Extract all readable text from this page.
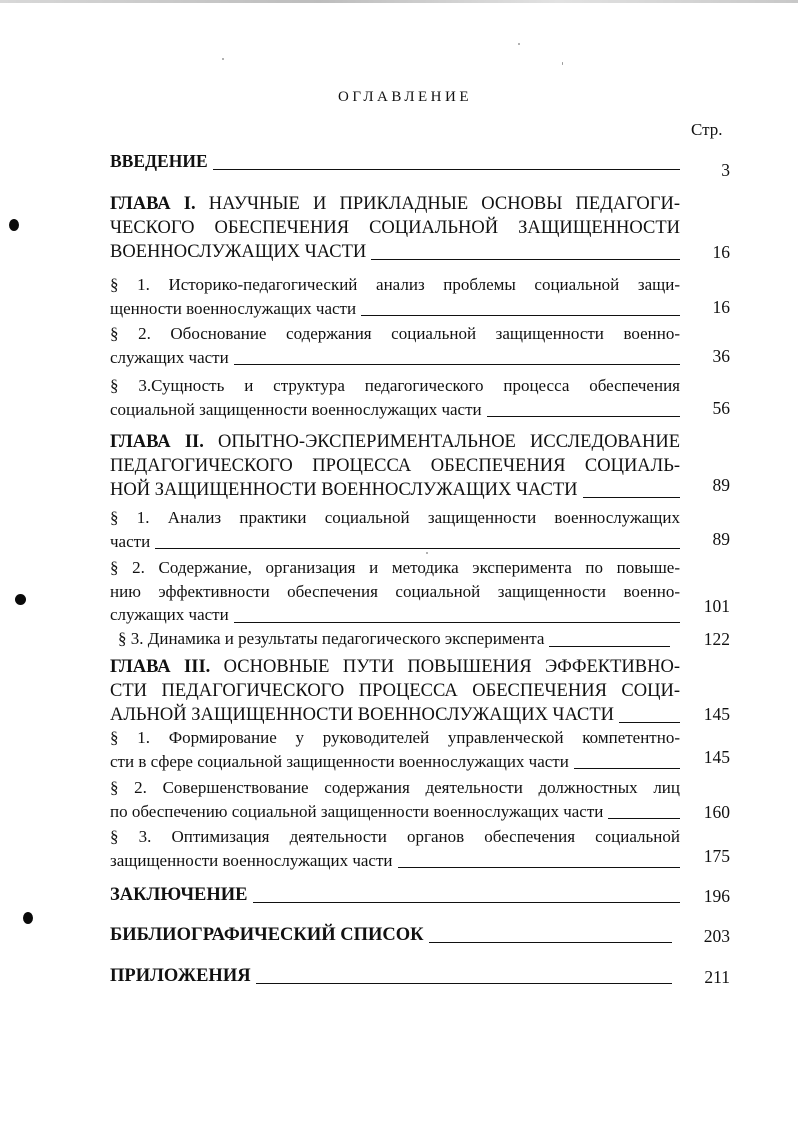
ОГЛАВЛЕНИЕ
Стр.
ВВЕДЕНИЕ	3
ГЛАВА I. НАУЧНЫЕ И ПРИКЛАДНЫЕ ОСНОВЫ ПЕДАГОГИ-
ЧЕСКОГО ОБЕСПЕЧЕНИЯ СОЦИАЛЬНОЙ ЗАЩИЩЕННОСТИ
ВОЕННОСЛУЖАЩИХ ЧАСТИ	16
§ 1. Историко-педагогический анализ проблемы социальной защи-
щенности военнослужащих части	16
§ 2. Обоснование содержания социальной защищенности военно-
служащих части	36
§ 3.Сущность и структура педагогического процесса обеспечения
социальной защищенности военнослужащих части	56
ГЛАВА II. ОПЫТНО-ЭКСПЕРИМЕНТАЛЬНОЕ ИССЛЕДОВАНИЕ
ПЕДАГОГИЧЕСКОГО ПРОЦЕССА ОБЕСПЕЧЕНИЯ СОЦИАЛЬ-
НОЙ ЗАЩИЩЕННОСТИ ВОЕННОСЛУЖАЩИХ ЧАСТИ	89
§ 1. Анализ практики социальной защищенности военнослужащих
части	89
§ 2. Содержание, организация и методика эксперимента по повыше-
нию эффективности обеспечения социальной защищенности военно-
служащих части	101
§ 3. Динамика и результаты педагогического эксперимента	122
ГЛАВА III. ОСНОВНЫЕ ПУТИ ПОВЫШЕНИЯ ЭФФЕКТИВНО-
СТИ ПЕДАГОГИЧЕСКОГО ПРОЦЕССА ОБЕСПЕЧЕНИЯ СОЦИ-
АЛЬНОЙ ЗАЩИЩЕННОСТИ ВОЕННОСЛУЖАЩИХ ЧАСТИ	145
§ 1. Формирование у руководителей управленческой компетентно-
сти в сфере социальной защищенности военнослужащих части	145
§ 2. Совершенствование содержания деятельности должностных лиц
по обеспечению социальной защищенности военнослужащих части	160
§ 3. Оптимизация деятельности органов обеспечения социальной
защищенности военнослужащих части	175
ЗАКЛЮЧЕНИЕ	196
БИБЛИОГРАФИЧЕСКИЙ СПИСОК	203
ПРИЛОЖЕНИЯ	211
